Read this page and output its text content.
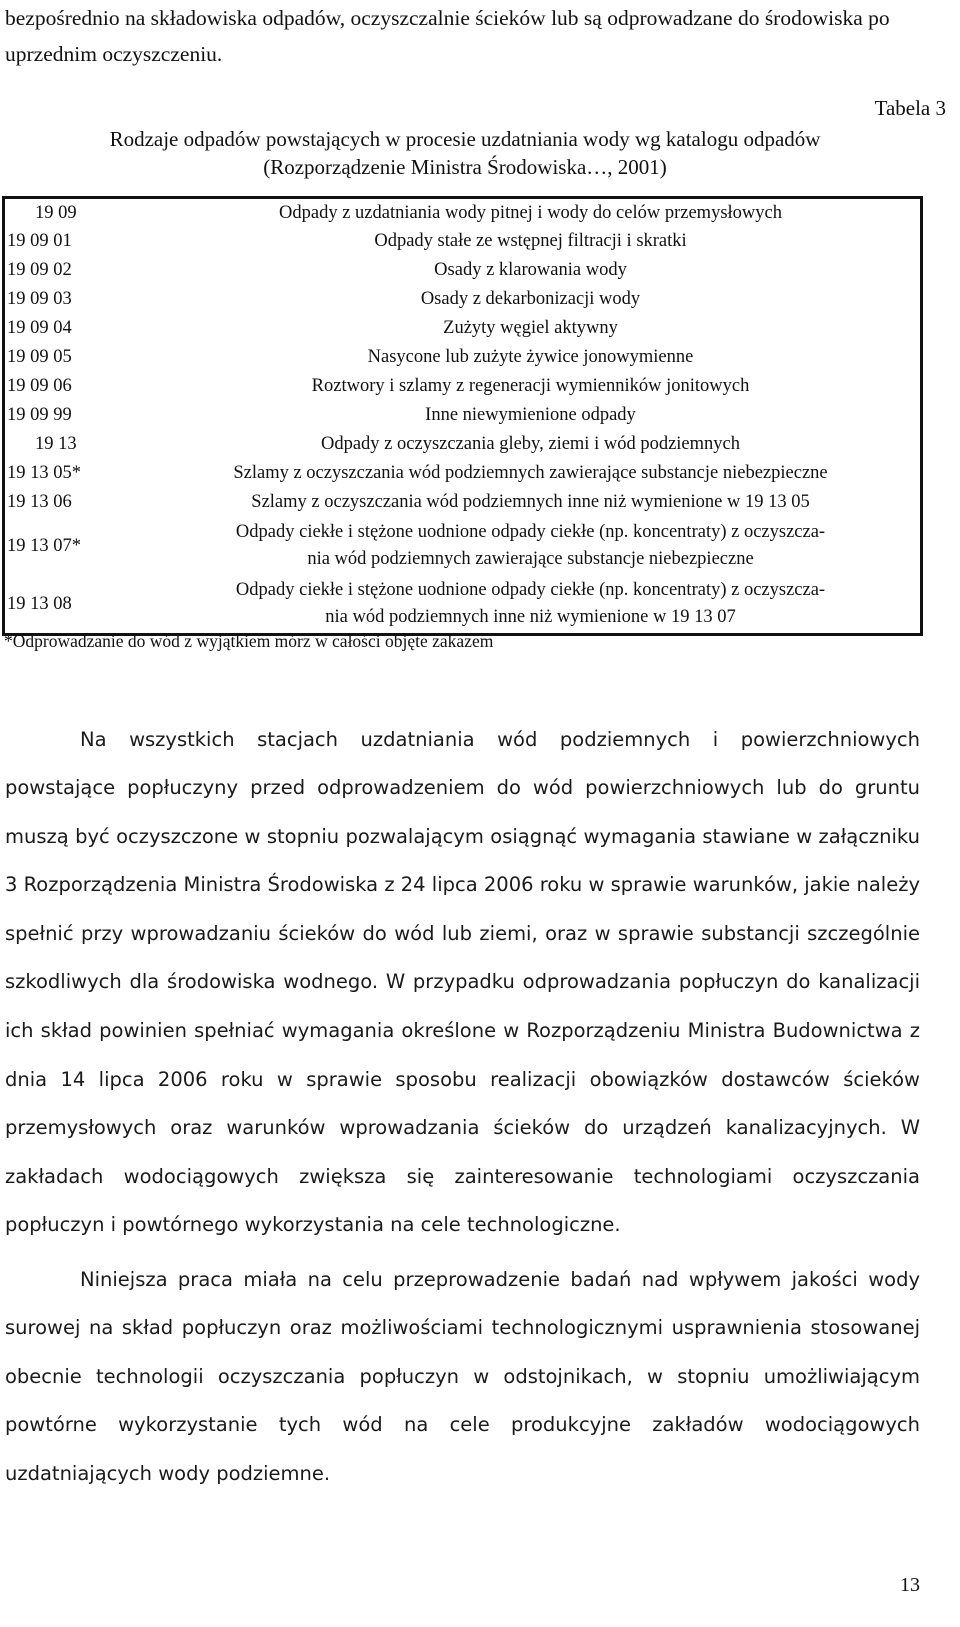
bezpośrednio na składowiska odpadów, oczyszczalnie ścieków lub są odprowadzane do środowiska po uprzednim oczyszczeniu.
Tabela 3
Rodzaje odpadów powstających w procesie uzdatniania wody wg katalogu odpadów
(Rozporządzenie Ministra Środowiska…, 2001)
19 09	Odpady z uzdatniania wody pitnej i wody do celów przemysłowych
19 09 01	Odpady stałe ze wstępnej filtracji i skratki
19 09 02	Osady z klarowania wody
19 09 03	Osady z dekarbonizacji wody
19 09 04	Zużyty węgiel aktywny
19 09 05	Nasycone lub zużyte żywice jonowymienne
19 09 06	Roztwory i szlamy z regeneracji wymienników jonitowych
19 09 99	Inne niewymienione odpady
19 13	Odpady z oczyszczania gleby, ziemi i wód podziemnych
19 13 05*	Szlamy z oczyszczania wód podziemnych zawierające substancje niebezpieczne
19 13 06	Szlamy z oczyszczania wód podziemnych inne niż wymienione w 19 13 05
19 13 07*	Odpady ciekłe i stężone uodnione odpady ciekłe (np. koncentraty) z oczyszcza-
nia wód podziemnych zawierające substancje niebezpieczne

19 13 08	Odpady ciekłe i stężone uodnione odpady ciekłe (np. koncentraty) z oczyszcza-
nia wód podziemnych inne niż wymienione w 19 13 07
*Odprowadzanie do wód z wyjątkiem mórz w całości objęte zakazem

Na wszystkich stacjach uzdatniania wód podziemnych i powierzchniowych powstające popłuczyny przed odprowadzeniem do wód powierzchniowych lub do gruntu muszą być oczyszczone w stopniu pozwalającym osiągnąć wymagania stawiane w załączniku 3 Rozporządzenia Ministra Środowiska z 24 lipca 2006 roku w sprawie warunków, jakie należy spełnić przy wprowadzaniu ścieków do wód lub ziemi, oraz w sprawie substancji szczególnie szkodliwych dla środowiska wodnego. W przypadku odprowadzania popłuczyn do kanalizacji ich skład powinien spełniać wymagania określone w Rozporządzeniu Ministra Budownictwa z dnia 14 lipca 2006 roku w sprawie sposobu realizacji obowiązków dostawców ścieków przemysłowych oraz warunków wprowadzania ścieków do urządzeń kanalizacyjnych. W zakładach wodociągowych zwiększa się zainteresowanie technologiami oczyszczania popłuczyn i powtórnego wykorzystania na cele technologiczne.

Niniejsza praca miała na celu przeprowadzenie badań nad wpływem jakości wody surowej na skład popłuczyn oraz możliwościami technologicznymi usprawnienia stosowanej obecnie technologii oczyszczania popłuczyn w odstojnikach, w stopniu umożliwiającym powtórne wykorzystanie tych wód na cele produkcyjne zakładów wodociągowych uzdatniających wody podziemne.

13
